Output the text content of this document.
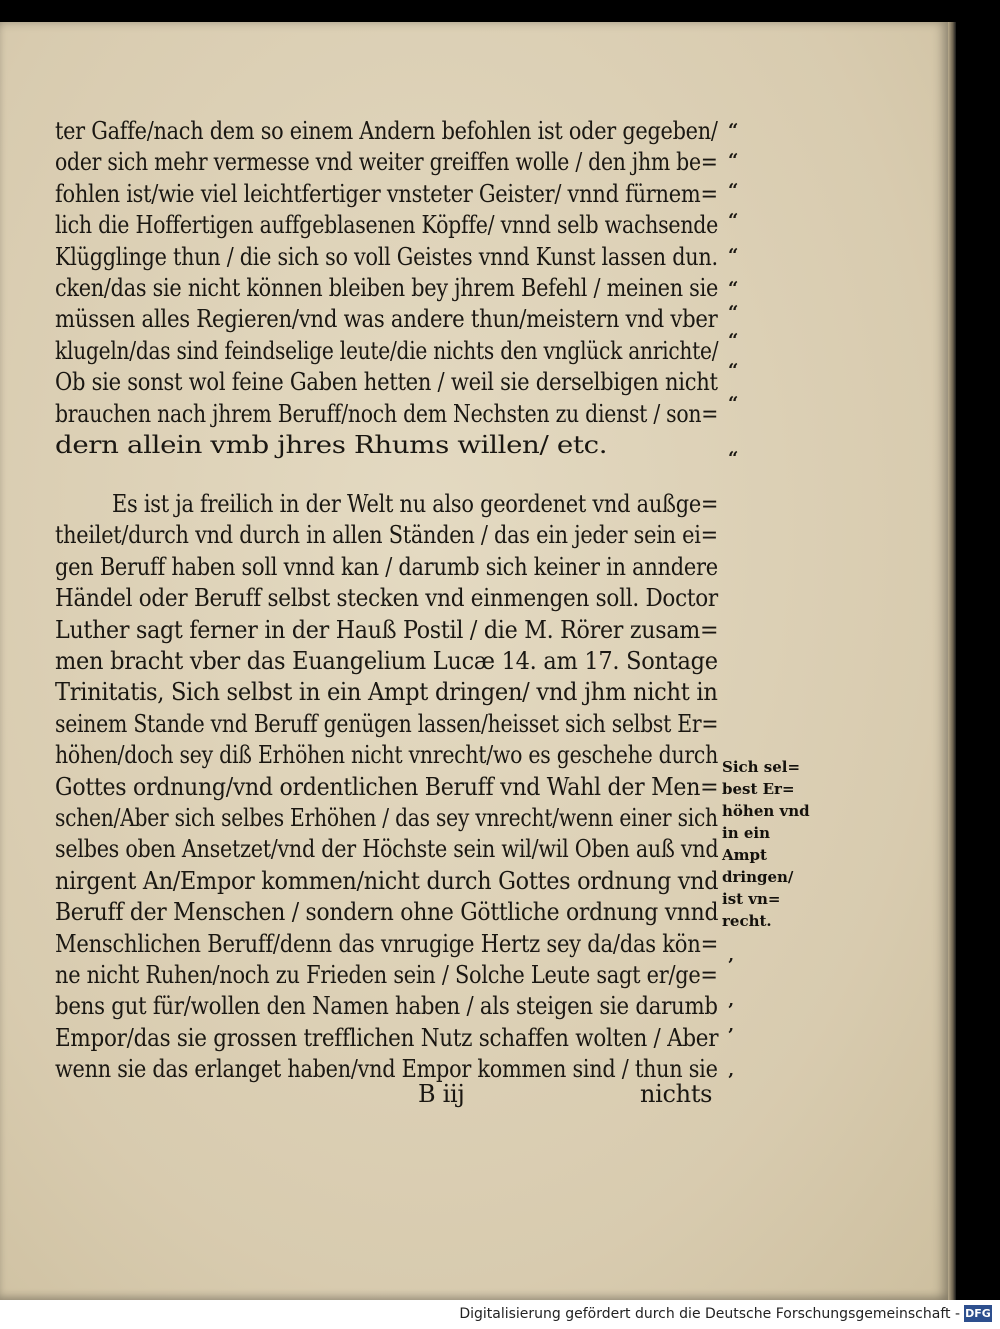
ter Gaffe/nach dem so einem Andern befohlen ist oder gegeben/
oder sich mehr vermesse vnd weiter greiffen wolle / den jhm be=
fohlen ist/wie viel leichtfertiger vnsteter Geister/ vnnd fürnem=
lich die Hoffertigen auffgeblasenen Köpffe/ vnnd selb wachsende
Klügglinge thun / die sich so voll Geistes vnnd Kunst lassen dun.
cken/das sie nicht können bleiben bey jhrem Befehl / meinen sie
müssen alles Regieren/vnd was andere thun/meistern vnd vber
klugeln/das sind feindselige leute/die nichts den vnglück anrichte/
Ob sie sonst wol feine Gaben hetten / weil sie derselbigen nicht
brauchen nach jhrem Beruff/noch dem Nechsten zu dienst / son=
dern allein vmb jhres Rhums willen/ etc.
“
“
“
“
“
“
“
“
“
“
“
Es ist ja freilich in der Welt nu also geordenet vnd außge=
theilet/durch vnd durch in allen Ständen / das ein jeder sein ei=
gen Beruff haben soll vnnd kan / darumb sich keiner in anndere
Händel oder Beruff selbst stecken vnd einmengen soll. Doctor
Luther sagt ferner in der Hauß Postil / die M. Rörer zusam=
men bracht vber das Euangelium Lucæ 14. am 17. Sontage
Trinitatis, Sich selbst in ein Ampt dringen/ vnd jhm nicht in
seinem Stande vnd Beruff genügen lassen/heisset sich selbst Er=
höhen/doch sey diß Erhöhen nicht vnrecht/wo es geschehe durch
Gottes ordnung/vnd ordentlichen Beruff vnd Wahl der Men=
schen/Aber sich selbes Erhöhen / das sey vnrecht/wenn einer sich
selbes oben Ansetzet/vnd der Höchste sein wil/wil Oben auß vnd
nirgent An/Empor kommen/nicht durch Gottes ordnung vnd
Beruff der Menschen / sondern ohne Göttliche ordnung vnnd
Menschlichen Beruff/denn das vnrugige Hertz sey da/das kön=
ne nicht Ruhen/noch zu Frieden sein / Solche Leute sagt er/ge=
bens gut für/wollen den Namen haben / als steigen sie darumb
Empor/das sie grossen trefflichen Nutz schaffen wolten / Aber
wenn sie das erlanget haben/vnd Empor kommen sind / thun sie
‚
‚
‚
‚
Sich sel=
best Er=
höhen vnd
in ein
Ampt
dringen/
ist vn=
recht.
B iij	nichts
Digitalisierung gefördert durch die Deutsche Forschungsgemeinschaft - DFG
